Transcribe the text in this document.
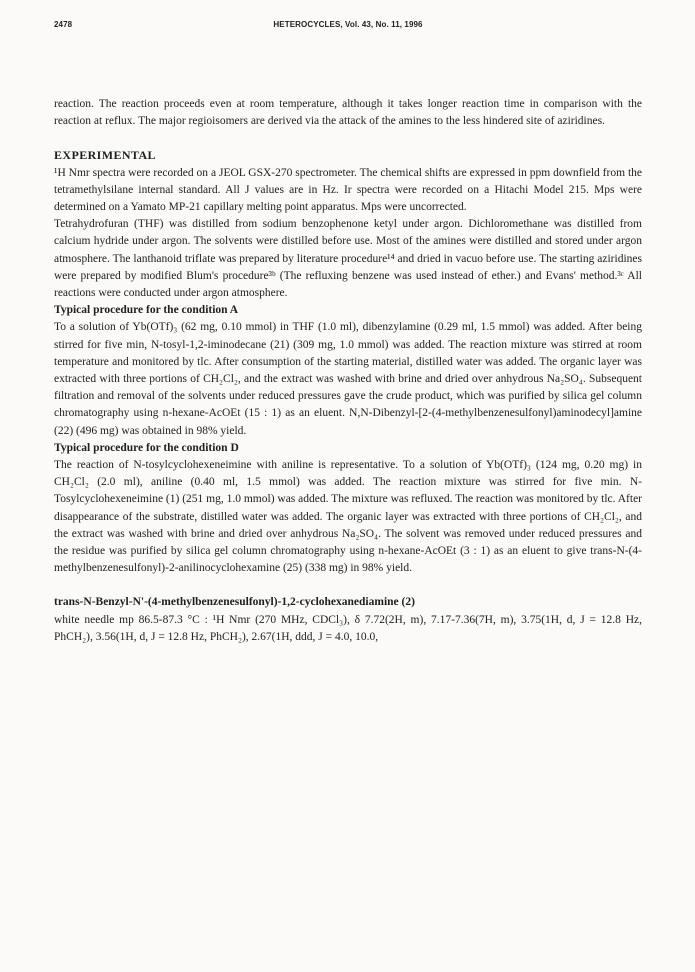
2478	HETEROCYCLES, Vol. 43, No. 11, 1996

reaction. The reaction proceeds even at room temperature, although it takes longer reaction time in comparison with the reaction at reflux. The major regioisomers are derived via the attack of the amines to the less hindered site of aziridines.

EXPERIMENTAL

¹H Nmr spectra were recorded on a JEOL GSX-270 spectrometer. The chemical shifts are expressed in ppm downfield from the tetramethylsilane internal standard. All J values are in Hz. Ir spectra were recorded on a Hitachi Model 215. Mps were determined on a Yamato MP-21 capillary melting point apparatus. Mps were uncorrected.

Tetrahydrofuran (THF) was distilled from sodium benzophenone ketyl under argon. Dichloromethane was distilled from calcium hydride under argon. The solvents were distilled before use. Most of the amines were distilled and stored under argon atmosphere. The lanthanoid triflate was prepared by literature procedure¹⁴ and dried in vacuo before use. The starting aziridines were prepared by modified Blum's procedure³ᵇ (The refluxing benzene was used instead of ether.) and Evans' method.³ᶜ All reactions were conducted under argon atmosphere.

Typical procedure for the condition A

To a solution of Yb(OTf)₃ (62 mg, 0.10 mmol) in THF (1.0 ml), dibenzylamine (0.29 ml, 1.5 mmol) was added. After being stirred for five min, N-tosyl-1,2-iminodecane (21) (309 mg, 1.0 mmol) was added. The reaction mixture was stirred at room temperature and monitored by tlc. After consumption of the starting material, distilled water was added. The organic layer was extracted with three portions of CH₂Cl₂, and the extract was washed with brine and dried over anhydrous Na₂SO₄. Subsequent filtration and removal of the solvents under reduced pressures gave the crude product, which was purified by silica gel column chromatography using n-hexane-AcOEt (15 : 1) as an eluent. N,N-Dibenzyl-[2-(4-methylbenzenesulfonyl)aminodecyl]amine (22) (496 mg) was obtained in 98% yield.

Typical procedure for the condition D

The reaction of N-tosylcyclohexeneimine with aniline is representative. To a solution of Yb(OTf)₃ (124 mg, 0.20 mg) in CH₂Cl₂ (2.0 ml), aniline (0.40 ml, 1.5 mmol) was added. The reaction mixture was stirred for five min. N-Tosylcyclohexeneimine (1) (251 mg, 1.0 mmol) was added. The mixture was refluxed. The reaction was monitored by tlc. After disappearance of the substrate, distilled water was added. The organic layer was extracted with three portions of CH₂Cl₂, and the extract was washed with brine and dried over anhydrous Na₂SO₄. The solvent was removed under reduced pressures and the residue was purified by silica gel column chromatography using n-hexane-AcOEt (3 : 1) as an eluent to give trans-N-(4-methylbenzenesulfonyl)-2-anilinocyclohexamine (25) (338 mg) in 98% yield.

trans-N-Benzyl-N'-(4-methylbenzenesulfonyl)-1,2-cyclohexanediamine (2)

white needle mp 86.5-87.3 °C : ¹H Nmr (270 MHz, CDCl₃), δ 7.72(2H, m), 7.17-7.36(7H, m), 3.75(1H, d, J = 12.8 Hz, PhCH₂), 3.56(1H, d, J = 12.8 Hz, PhCH₂), 2.67(1H, ddd, J = 4.0, 10.0,
